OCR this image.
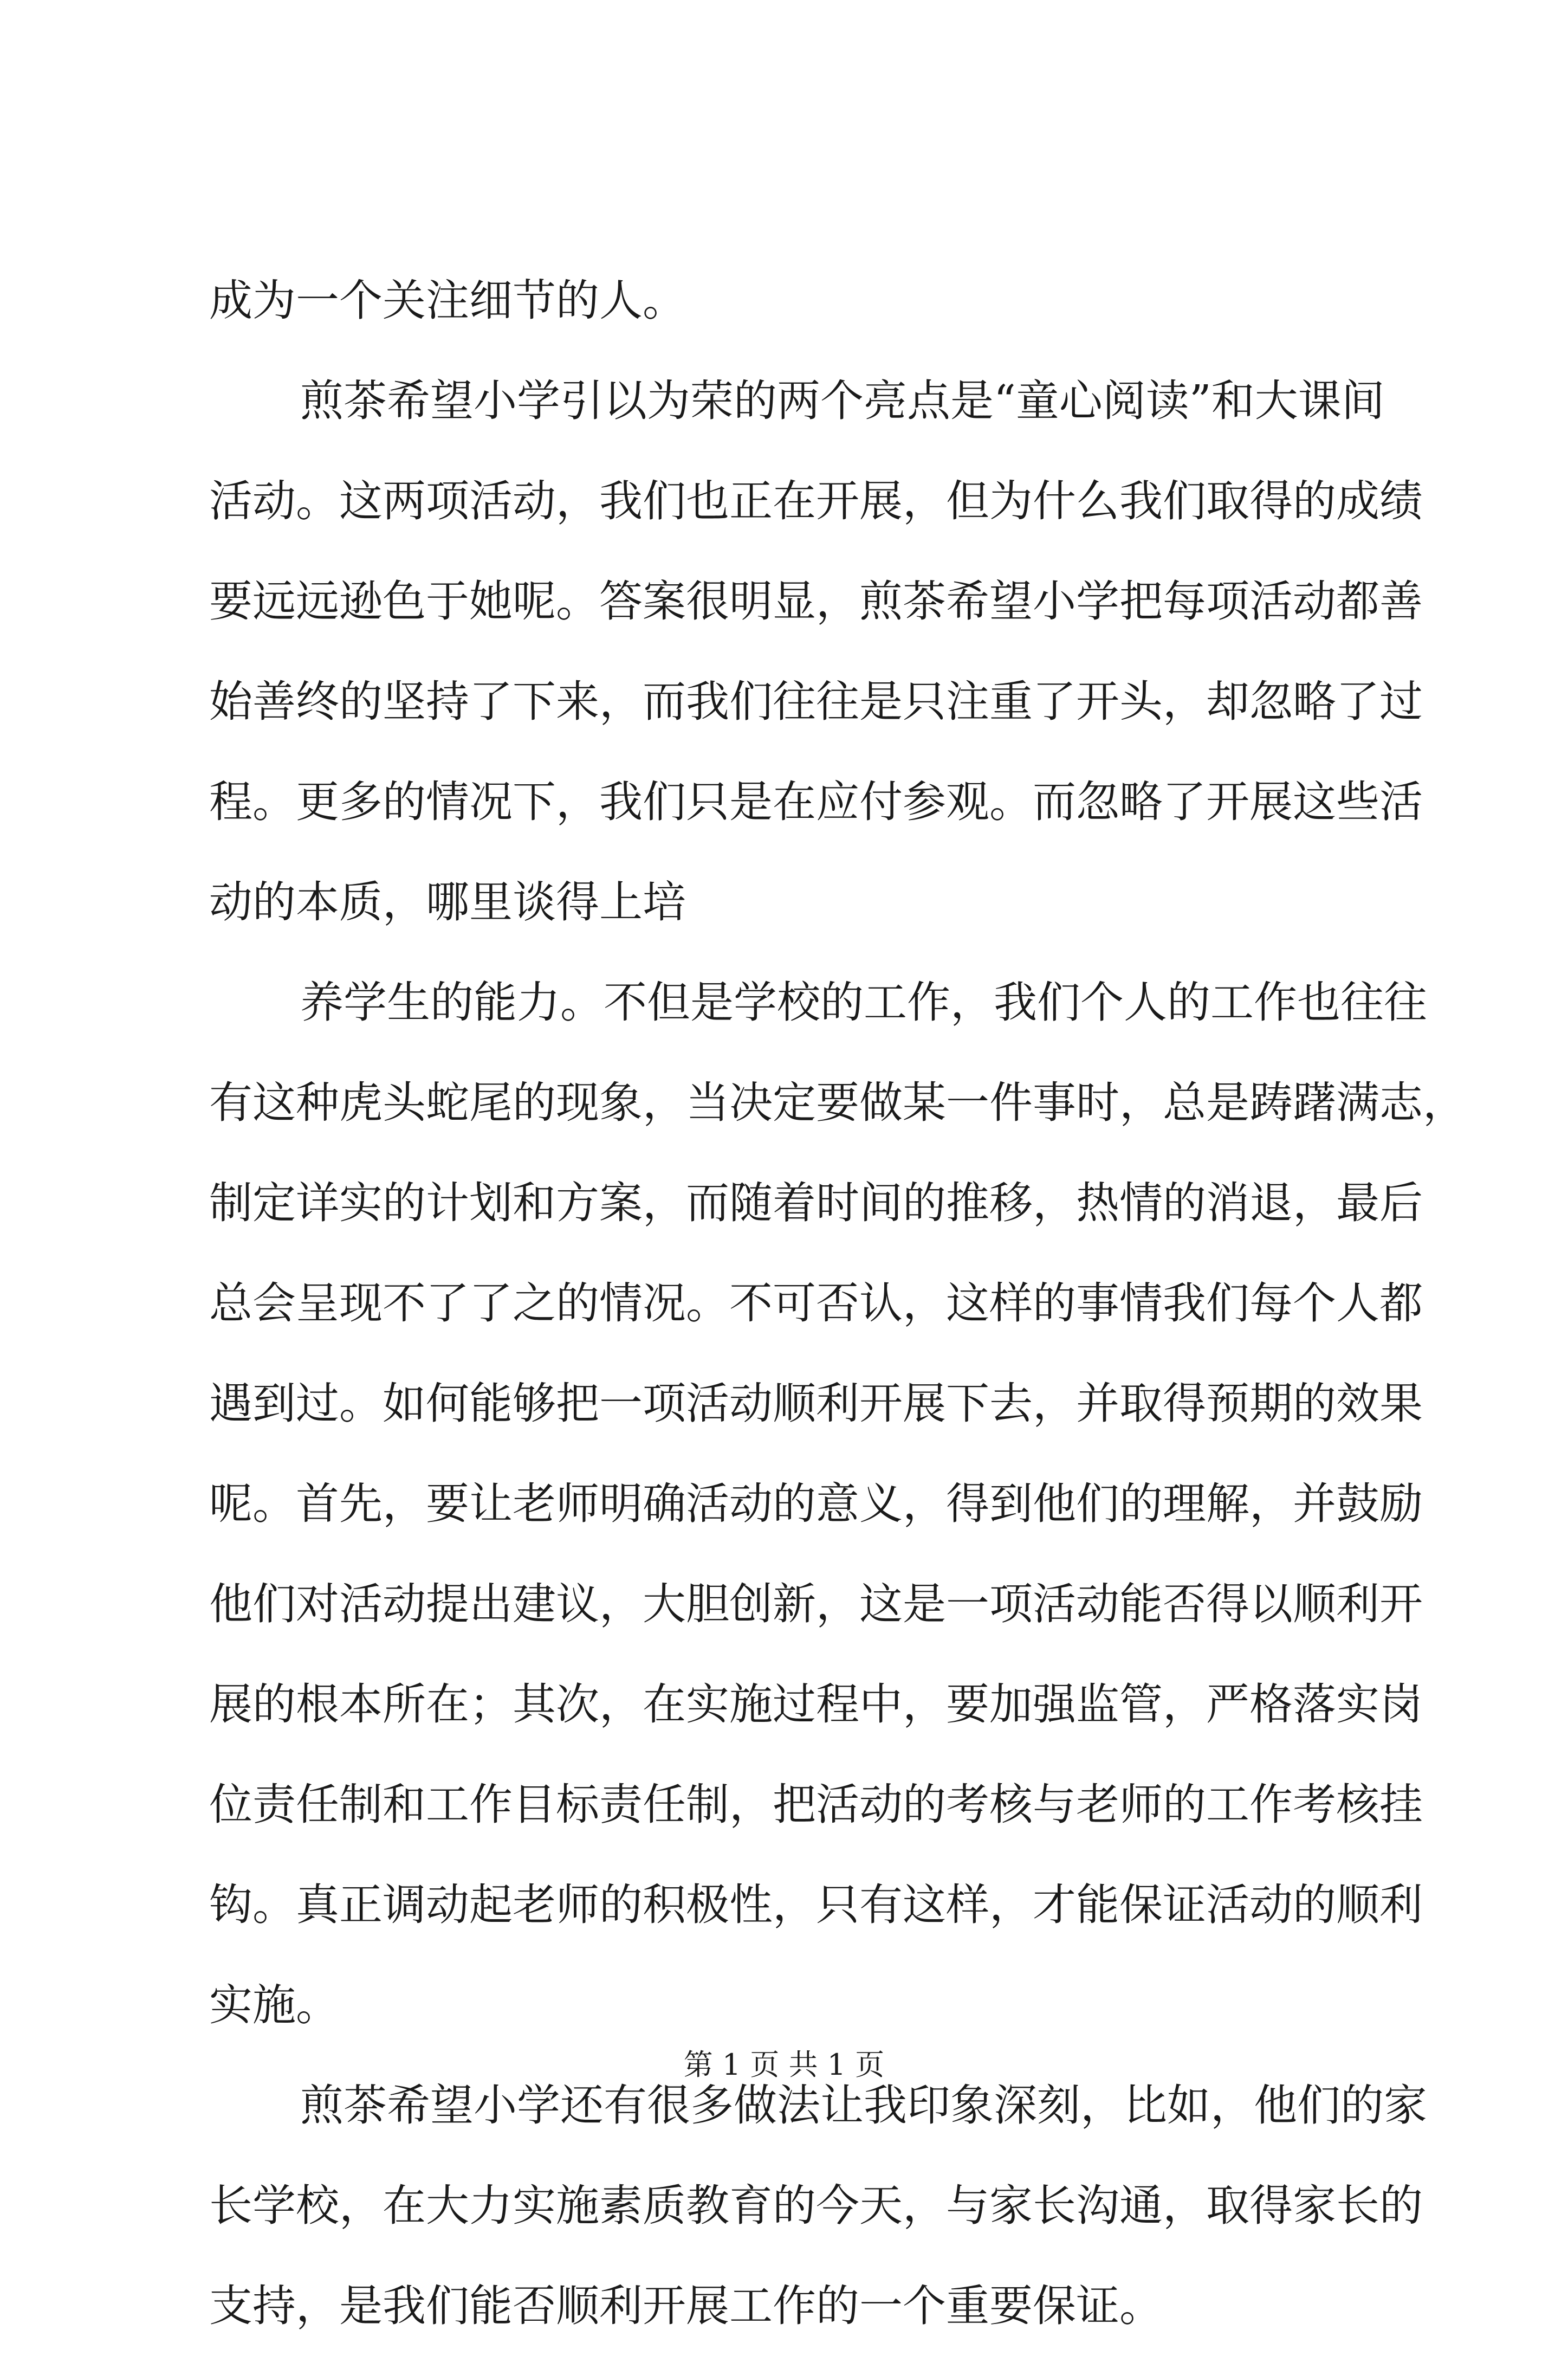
成为一个关注细节的人。
煎茶希望小学引以为荣的两个亮点是“童心阅读”和大课间
活动。这两项活动，我们也正在开展，但为什么我们取得的成绩
要远远逊色于她呢。答案很明显，煎茶希望小学把每项活动都善
始善终的坚持了下来，而我们往往是只注重了开头，却忽略了过
程。更多的情况下，我们只是在应付参观。而忽略了开展这些活
动的本质，哪里谈得上培
养学生的能力。不但是学校的工作，我们个人的工作也往往
有这种虎头蛇尾的现象，当决定要做某一件事时，总是踌躇满志，
制定详实的计划和方案，而随着时间的推移，热情的消退，最后
总会呈现不了了之的情况。不可否认，这样的事情我们每个人都
遇到过。如何能够把一项活动顺利开展下去，并取得预期的效果
呢。首先，要让老师明确活动的意义，得到他们的理解，并鼓励
他们对活动提出建议，大胆创新，这是一项活动能否得以顺利开
展的根本所在；其次，在实施过程中，要加强监管，严格落实岗
位责任制和工作目标责任制，把活动的考核与老师的工作考核挂
钩。真正调动起老师的积极性，只有这样，才能保证活动的顺利
实施。
煎茶希望小学还有很多做法让我印象深刻，比如，他们的家
长学校，在大力实施素质教育的今天，与家长沟通，取得家长的
支持，是我们能否顺利开展工作的一个重要保证。
第 1 页 共 1 页
